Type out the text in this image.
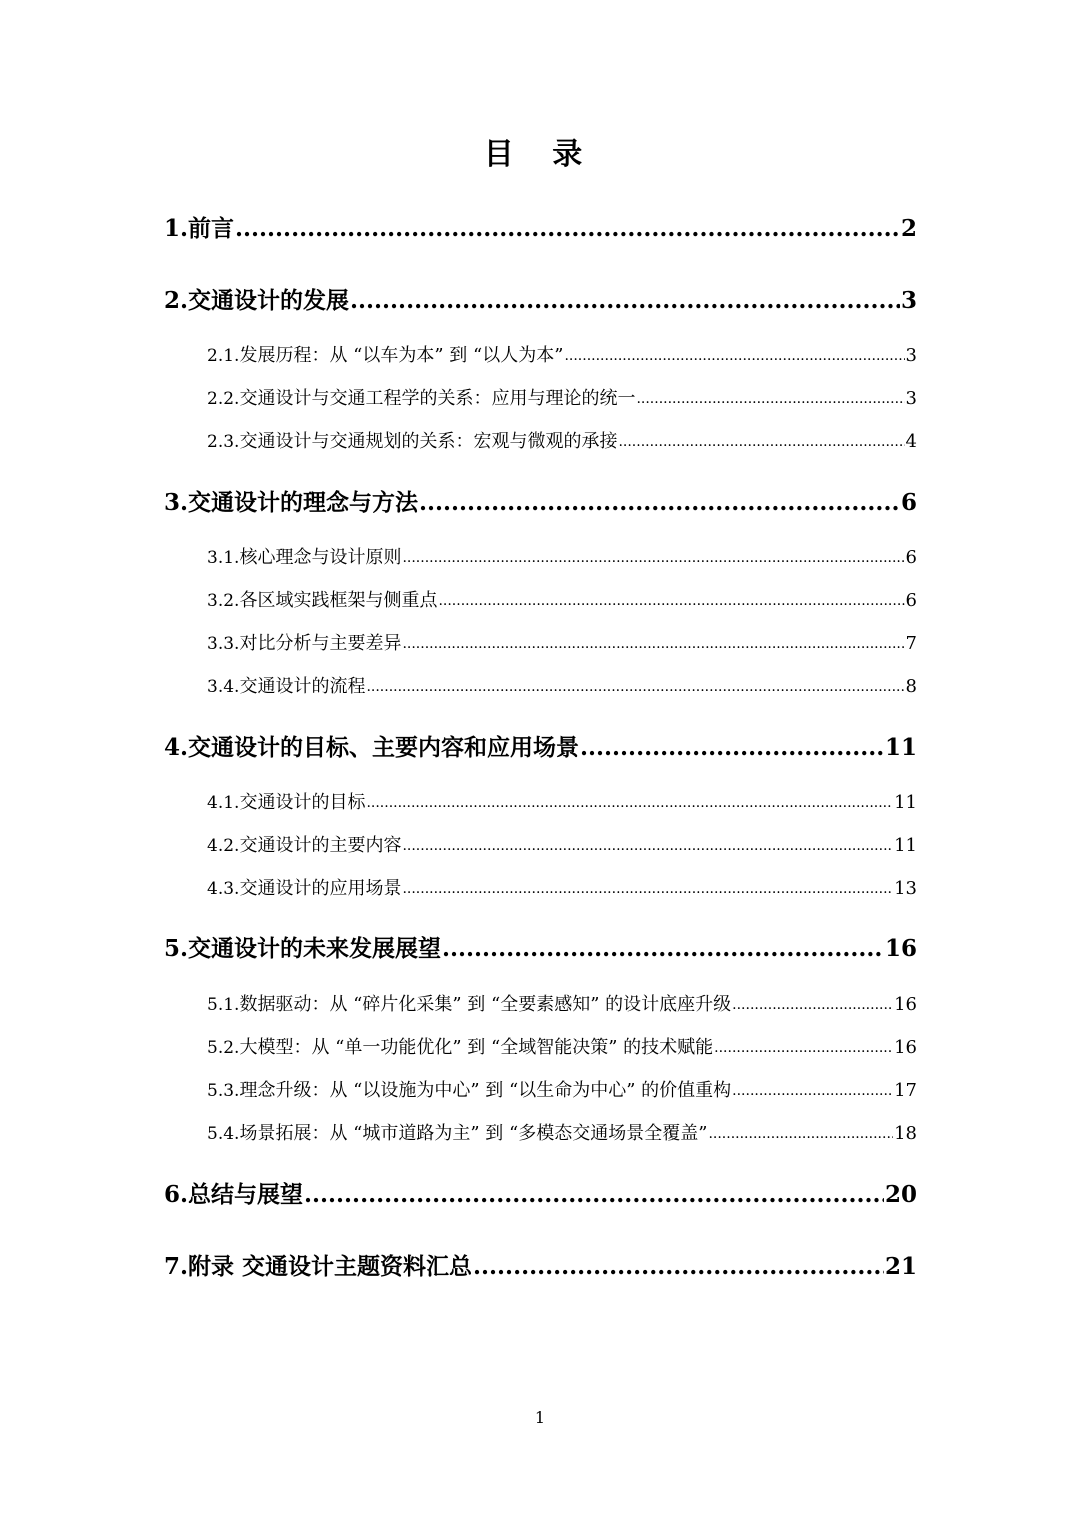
目 录
1. 前言 .....	2
2. 交通设计的发展 .....	3
2.1. 发展历程：从 “以车为本” 到 “以人为本” .....	3
2.2. 交通设计与交通工程学的关系：应用与理论的统一 .....	3
2.3. 交通设计与交通规划的关系：宏观与微观的承接 .....	4
3. 交通设计的理念与方法 .....	6
3.1. 核心理念与设计原则 .....	6
3.2. 各区域实践框架与侧重点 .....	6
3.3. 对比分析与主要差异 .....	7
3.4. 交通设计的流程 .....	8
4. 交通设计的目标、主要内容和应用场景 .....	11
4.1. 交通设计的目标 .....	11
4.2. 交通设计的主要内容 .....	11
4.3. 交通设计的应用场景 .....	13
5. 交通设计的未来发展展望 .....	16
5.1. 数据驱动：从 “碎片化采集” 到 “全要素感知” 的设计底座升级 .....	16
5.2. 大模型：从 “单一功能优化” 到 “全域智能决策” 的技术赋能 .....	16
5.3. 理念升级：从 “以设施为中心” 到 “以生命为中心” 的价值重构 .....	17
5.4. 场景拓展：从 “城市道路为主” 到 “多模态交通场景全覆盖” .....	18
6. 总结与展望 .....	20
7. 附录 交通设计主题资料汇总 .....	21
1
